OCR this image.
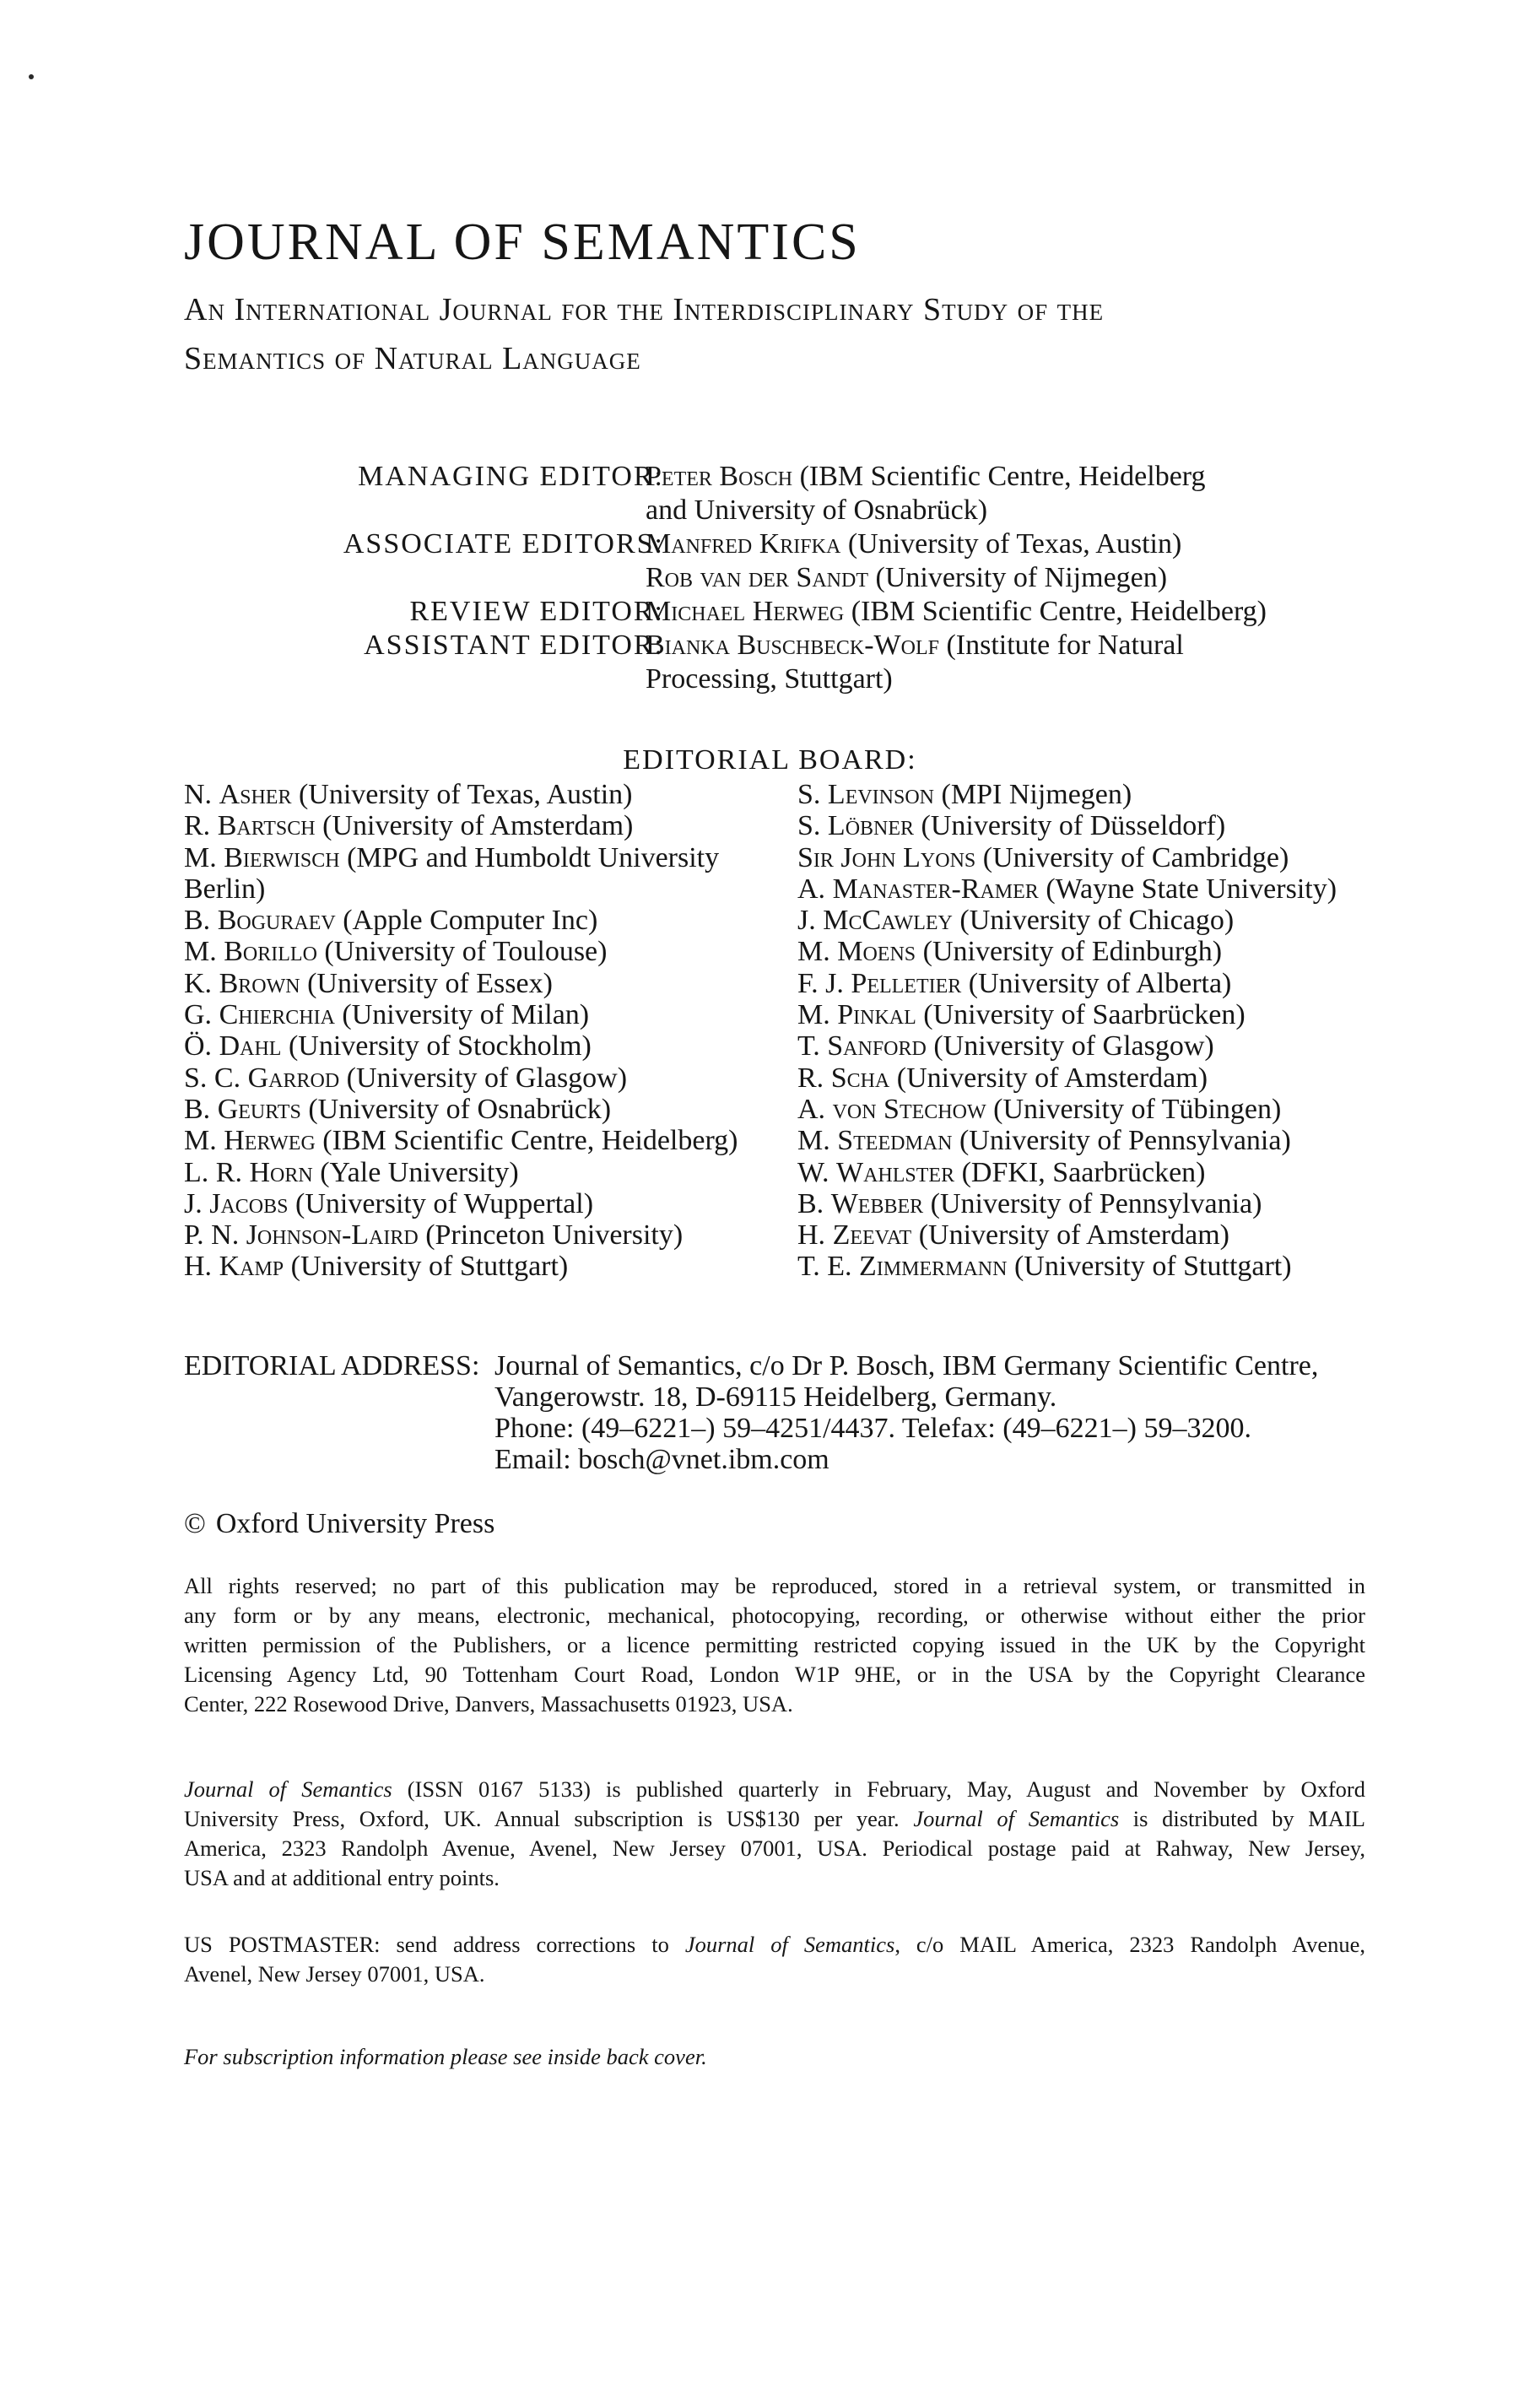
JOURNAL OF SEMANTICS
An International Journal for the Interdisciplinary Study of the
Semantics of Natural Language
MANAGING EDITOR:
Peter Bosch (IBM Scientific Centre, Heidelberg
and University of Osnabrück)
ASSOCIATE EDITORS:
Manfred Krifka (University of Texas, Austin)
Rob van der Sandt (University of Nijmegen)
REVIEW EDITOR:
Michael Herweg (IBM Scientific Centre, Heidelberg)
ASSISTANT EDITOR:
Bianka Buschbeck-Wolf (Institute for Natural
Processing, Stuttgart)
EDITORIAL BOARD:
N. Asher (University of Texas, Austin)
R. Bartsch (University of Amsterdam)
M. Bierwisch (MPG and Humboldt University
Berlin)
B. Boguraev (Apple Computer Inc)
M. Borillo (University of Toulouse)
K. Brown (University of Essex)
G. Chierchia (University of Milan)
Ö. Dahl (University of Stockholm)
S. C. Garrod (University of Glasgow)
B. Geurts (University of Osnabrück)
M. Herweg (IBM Scientific Centre, Heidelberg)
L. R. Horn (Yale University)
J. Jacobs (University of Wuppertal)
P. N. Johnson-Laird (Princeton University)
H. Kamp (University of Stuttgart)
S. Levinson (MPI Nijmegen)
S. Löbner (University of Düsseldorf)
Sir John Lyons (University of Cambridge)
A. Manaster-Ramer (Wayne State University)
J. McCawley (University of Chicago)
M. Moens (University of Edinburgh)
F. J. Pelletier (University of Alberta)
M. Pinkal (University of Saarbrücken)
T. Sanford (University of Glasgow)
R. Scha (University of Amsterdam)
A. von Stechow (University of Tübingen)
M. Steedman (University of Pennsylvania)
W. Wahlster (DFKI, Saarbrücken)
B. Webber (University of Pennsylvania)
H. Zeevat (University of Amsterdam)
T. E. Zimmermann (University of Stuttgart)
EDITORIAL ADDRESS: Journal of Semantics, c/o Dr P. Bosch, IBM Germany Scientific Centre,
Vangerowstr. 18, D-69115 Heidelberg, Germany.
Phone: (49–6221–) 59–4251/4437. Telefax: (49–6221–) 59–3200.
Email: bosch@vnet.ibm.com
© Oxford University Press
All rights reserved; no part of this publication may be reproduced, stored in a retrieval system, or transmitted in
any form or by any means, electronic, mechanical, photocopying, recording, or otherwise without either the prior
written permission of the Publishers, or a licence permitting restricted copying issued in the UK by the Copyright
Licensing Agency Ltd, 90 Tottenham Court Road, London W1P 9HE, or in the USA by the Copyright Clearance
Center, 222 Rosewood Drive, Danvers, Massachusetts 01923, USA.
Journal of Semantics (ISSN 0167 5133) is published quarterly in February, May, August and November by Oxford
University Press, Oxford, UK. Annual subscription is US$130 per year. Journal of Semantics is distributed by MAIL
America, 2323 Randolph Avenue, Avenel, New Jersey 07001, USA. Periodical postage paid at Rahway, New Jersey,
USA and at additional entry points.
US POSTMASTER: send address corrections to Journal of Semantics, c/o MAIL America, 2323 Randolph Avenue,
Avenel, New Jersey 07001, USA.
For subscription information please see inside back cover.
